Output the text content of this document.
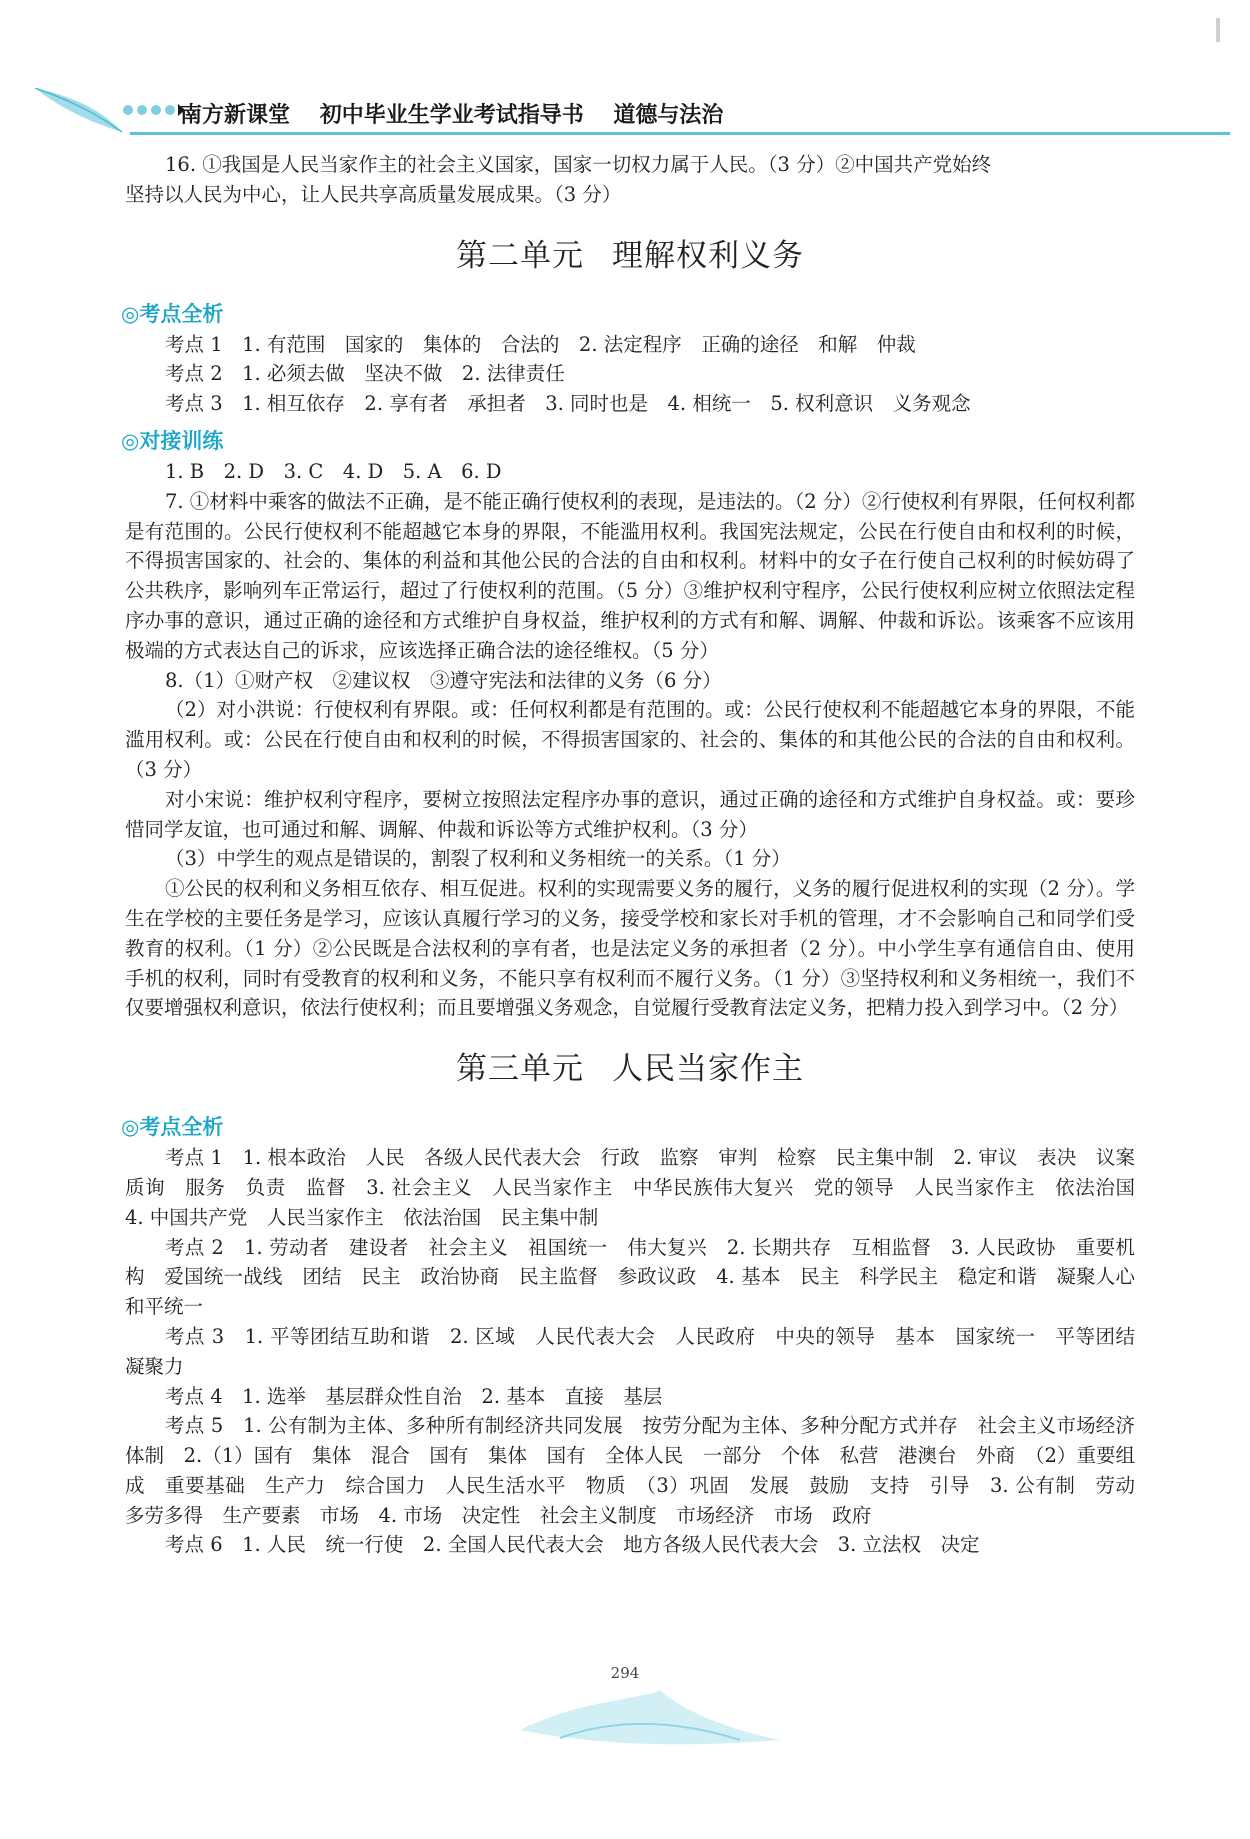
南方新课堂 初中毕业生学业考试指导书 道德与法治

16. ①我国是人民当家作主的社会主义国家，国家一切权力属于人民。（3 分）②中国共产党始终

坚持以人民为中心，让人民共享高质量发展成果。（3 分）

第二单元 理解权利义务
◎考点全析

考点 1　1. 有范围　国家的　集体的　合法的　2. 法定程序　正确的途径　和解　仲裁

考点 2　1. 必须去做　坚决不做　2. 法律责任

考点 3　1. 相互依存　2. 享有者　承担者　3. 同时也是　4. 相统一　5. 权利意识　义务观念

◎对接训练

1. B　2. D　3. C　4. D　5. A　6. D

7. ①材料中乘客的做法不正确，是不能正确行使权利的表现，是违法的。（2 分）②行使权利有界限，任何权利都是有范围的。公民行使权利不能超越它本身的界限，不能滥用权利。我国宪法规定，公民在行使自由和权利的时候，不得损害国家的、社会的、集体的利益和其他公民的合法的自由和权利。材料中的女子在行使自己权利的时候妨碍了公共秩序，影响列车正常运行，超过了行使权利的范围。（5 分）③维护权利守程序，公民行使权利应树立依照法定程序办事的意识，通过正确的途径和方式维护自身权益，维护权利的方式有和解、调解、仲裁和诉讼。该乘客不应该用极端的方式表达自己的诉求，应该选择正确合法的途径维权。（5 分）

8.（1）①财产权　②建议权　③遵守宪法和法律的义务（6 分）

（2）对小洪说：行使权利有界限。或：任何权利都是有范围的。或：公民行使权利不能超越它本身的界限，不能滥用权利。或：公民在行使自由和权利的时候，不得损害国家的、社会的、集体的和其他公民的合法的自由和权利。（3 分）

对小宋说：维护权利守程序，要树立按照法定程序办事的意识，通过正确的途径和方式维护自身权益。或：要珍惜同学友谊，也可通过和解、调解、仲裁和诉讼等方式维护权利。（3 分）

（3）中学生的观点是错误的，割裂了权利和义务相统一的关系。（1 分）

①公民的权利和义务相互依存、相互促进。权利的实现需要义务的履行，义务的履行促进权利的实现（2 分）。学生在学校的主要任务是学习，应该认真履行学习的义务，接受学校和家长对手机的管理，才不会影响自己和同学们受教育的权利。（1 分）②公民既是合法权利的享有者，也是法定义务的承担者（2 分）。中小学生享有通信自由、使用手机的权利，同时有受教育的权利和义务，不能只享有权利而不履行义务。（1 分）③坚持权利和义务相统一，我们不仅要增强权利意识，依法行使权利；而且要增强义务观念，自觉履行受教育法定义务，把精力投入到学习中。（2 分）

第三单元 人民当家作主
◎考点全析

考点 1　1. 根本政治　人民　各级人民代表大会　行政　监察　审判　检察　民主集中制　2. 审议　表决　议案　质询　服务　负责　监督　3. 社会主义　人民当家作主　中华民族伟大复兴　党的领导　人民当家作主　依法治国　4. 中国共产党　人民当家作主　依法治国　民主集中制

考点 2　1. 劳动者　建设者　社会主义　祖国统一　伟大复兴　2. 长期共存　互相监督　3. 人民政协　重要机构　爱国统一战线　团结　民主　政治协商　民主监督　参政议政　4. 基本　民主　科学民主　稳定和谐　凝聚人心　和平统一

考点 3　1. 平等团结互助和谐　2. 区域　人民代表大会　人民政府　中央的领导　基本　国家统一　平等团结　凝聚力

考点 4　1. 选举　基层群众性自治　2. 基本　直接　基层

考点 5　1. 公有制为主体、多种所有制经济共同发展　按劳分配为主体、多种分配方式并存　社会主义市场经济体制　2.（1）国有　集体　混合　国有　集体　国有　全体人民　一部分　个体　私营　港澳台　外商　（2）重要组成　重要基础　生产力　综合国力　人民生活水平　物质　（3）巩固　发展　鼓励　支持　引导　3. 公有制　劳动　多劳多得　生产要素　市场　4. 市场　决定性　社会主义制度　市场经济　市场　政府

考点 6　1. 人民　统一行使　2. 全国人民代表大会　地方各级人民代表大会　3. 立法权　决定

294
